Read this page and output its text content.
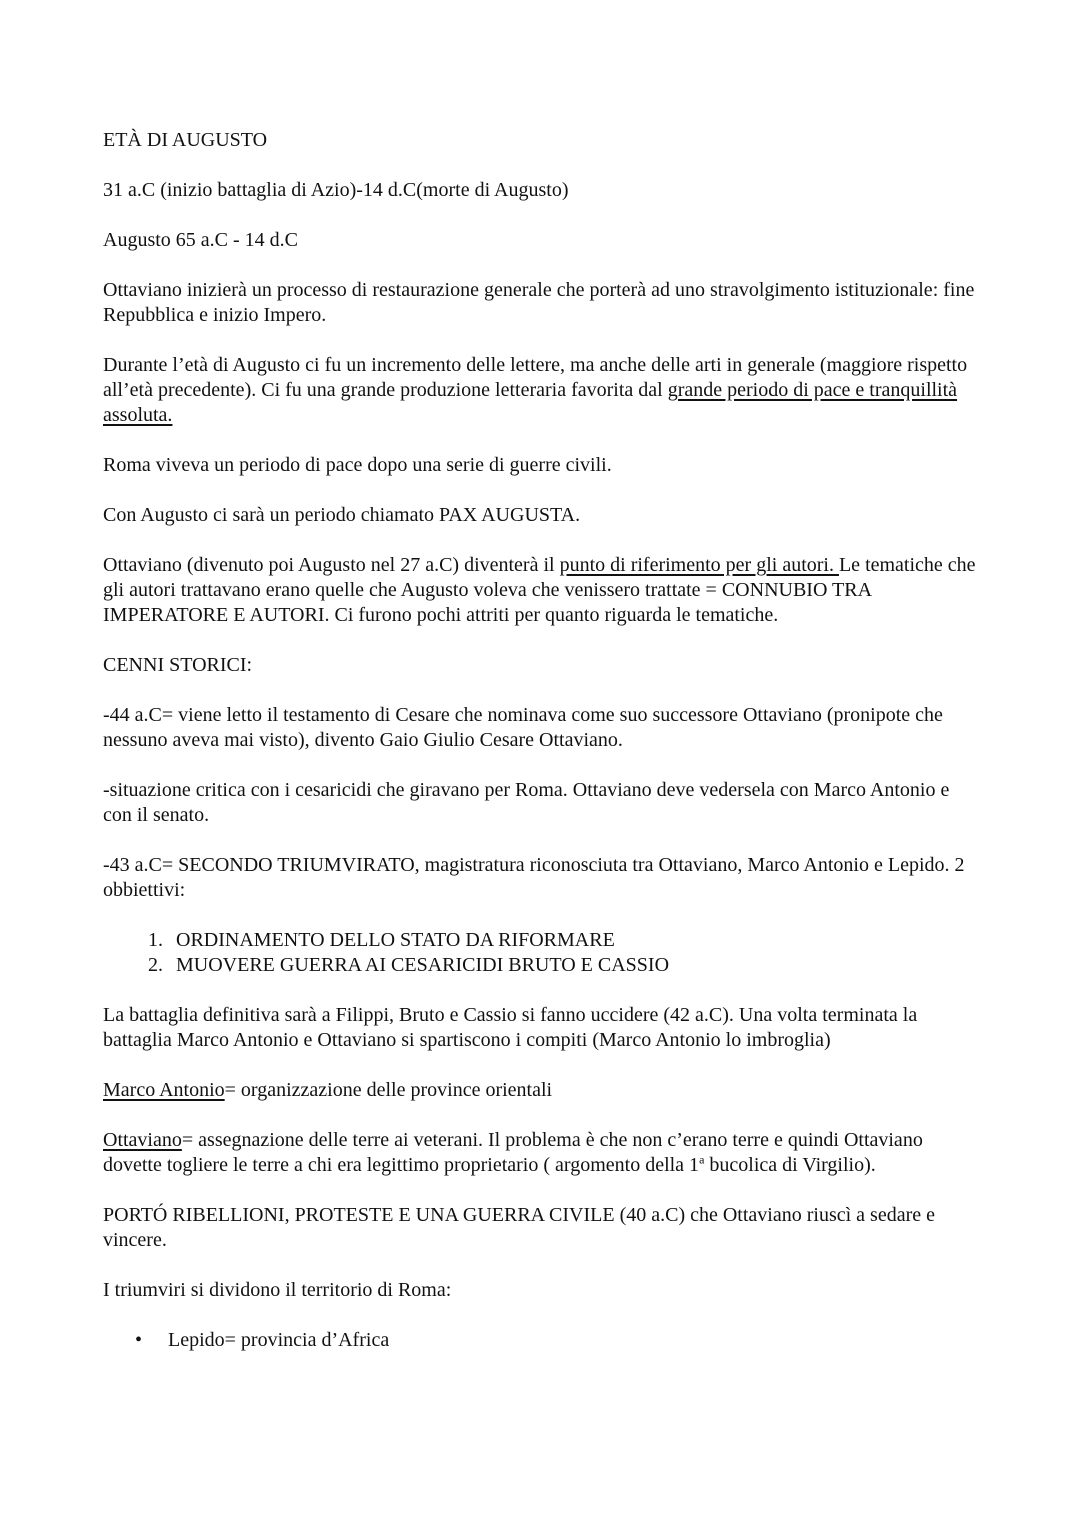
ETÀ DI AUGUSTO

31 a.C (inizio battaglia di Azio)-14 d.C(morte di Augusto)

Augusto 65 a.C - 14 d.C

Ottaviano inizierà un processo di restaurazione generale che porterà ad uno stravolgimento istituzionale: fine Repubblica e inizio Impero.

Durante l’età di Augusto ci fu un incremento delle lettere, ma anche delle arti in generale (maggiore rispetto all’età precedente). Ci fu una grande produzione letteraria favorita dal grande periodo di pace e tranquillità assoluta.

Roma viveva un periodo di pace dopo una serie di guerre civili.

Con Augusto ci sarà un periodo chiamato PAX AUGUSTA.

Ottaviano (divenuto poi Augusto nel 27 a.C) diventerà il punto di riferimento per gli autori. Le tematiche che gli autori trattavano erano quelle che Augusto voleva che venissero trattate = CONNUBIO TRA IMPERATORE E AUTORI. Ci furono pochi attriti per quanto riguarda le tematiche.

CENNI STORICI:

-44 a.C= viene letto il testamento di Cesare che nominava come suo successore Ottaviano (pronipote che nessuno aveva mai visto), divento Gaio Giulio Cesare Ottaviano.

-situazione critica con i cesaricidi che giravano per Roma. Ottaviano deve vedersela con Marco Antonio e con il senato.

-43 a.C= SECONDO TRIUMVIRATO, magistratura riconosciuta tra Ottaviano, Marco Antonio e Lepido. 2 obbiettivi:

1. ORDINAMENTO DELLO STATO DA RIFORMARE
2. MUOVERE GUERRA AI CESARICIDI BRUTO E CASSIO

La battaglia definitiva sarà a Filippi, Bruto e Cassio si fanno uccidere (42 a.C). Una volta terminata la battaglia Marco Antonio e Ottaviano si spartiscono i compiti (Marco Antonio lo imbroglia)

Marco Antonio= organizzazione delle province orientali

Ottaviano= assegnazione delle terre ai veterani. Il problema è che non c’erano terre e quindi Ottaviano dovette togliere le terre a chi era legittimo proprietario ( argomento della 1$^a$ bucolica di Virgilio).

PORTÓ RIBELLIONI, PROTESTE E UNA GUERRA CIVILE (40 a.C) che Ottaviano riuscì a sedare e vincere.

I triumviri si dividono il territorio di Roma:

• Lepido= provincia d’Africa
